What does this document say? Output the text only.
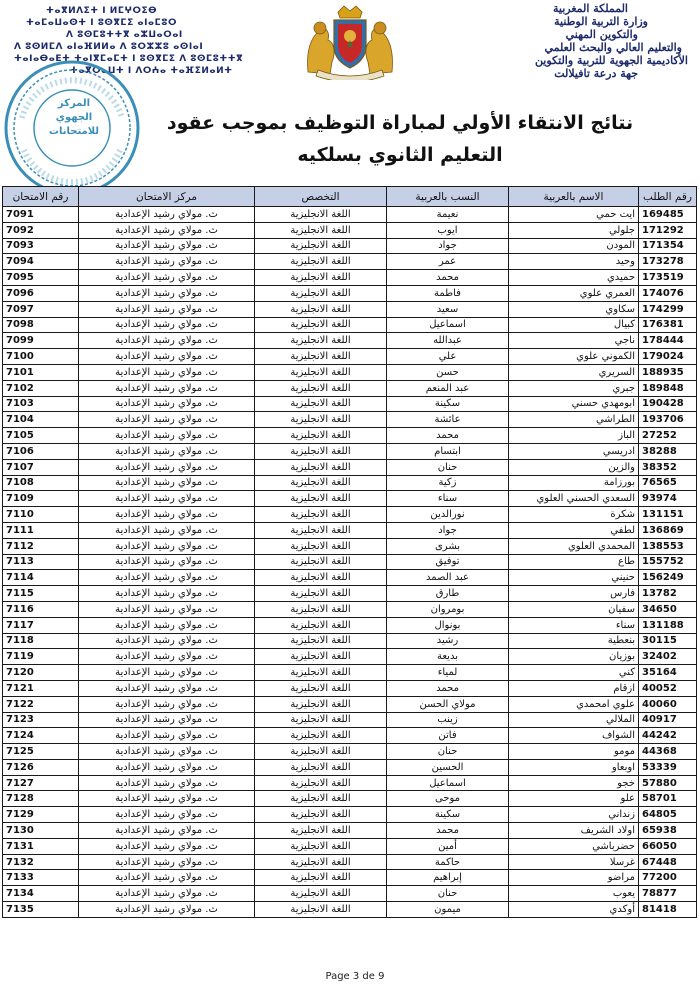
ⵜⴰⴳⵍⴷⵉⵜ ⵏ ⵍⵎⵖⵔⵉⴱ
ⵜⴰⵎⴰⵡⴰⵙⵜ ⵏ ⵓⵙⴳⵎⵉ ⴰⵏⴰⵎⵓⵔ
ⴷ ⵓⵙⵎⵓⵜⵜⴳ ⴰⵣⵡⴰⵔⴰⵏ
ⴷ ⵓⵙⵍⵎⴷ ⴰⵏⴰⴼⵍⵍⴰ ⴷ ⵓⵔⵣⵣⵓ ⴰⵙⵏⴰⵏ
ⵜⴰⵏⴰⴱⴰⴹⵜ ⵜⴰⵏⴳⵎⴰⵎⵜ ⵏ ⵓⵙⴳⵎⵉ ⴷ ⵓⵙⵎⵓⵜⵜⴳ
ⵜⴰⴳⵔⴰⵡⵜ ⵏ ⴷⵔⵄⴰ ⵜⴰⴼⵉⵍⴰⵍⵜ
المملكة المغربية
وزارة التربية الوطنية
والتكوين المهني
والتعليم العالي والبحث العلمي
الأكاديمية الجهوية للتربية والتكوين
جهة درعة تافيلالت
المركز
الجهوي
للامتحانات	نتائج الانتقاء الأولي لمباراة التوظيف بموجب عقود
التعليم الثانوي بسلكيه
رقم الامتحان	مركز الامتحان	التخصص	النسب بالعربية	الاسم بالعربية	رقم الطلب
7091	ث. مولاي رشيد الإعدادية	اللغة الانجليزية	نعيمة	ايت حمي	169485
7092	ث. مولاي رشيد الإعدادية	اللغة الانجليزية	ايوب	جلولي	171292
7093	ث. مولاي رشيد الإعدادية	اللغة الانجليزية	جواد	المودن	171354
7094	ث. مولاي رشيد الإعدادية	اللغة الانجليزية	عمر	وحيد	173278
7095	ث. مولاي رشيد الإعدادية	اللغة الانجليزية	محمد	حميدي	173519
7096	ث. مولاي رشيد الإعدادية	اللغة الانجليزية	فاطمة	العمري علوي	174076
7097	ث. مولاي رشيد الإعدادية	اللغة الانجليزية	سعيد	سكاوي	174299
7098	ث. مولاي رشيد الإعدادية	اللغة الانجليزية	اسماعيل	كبيال	176381
7099	ث. مولاي رشيد الإعدادية	اللغة الانجليزية	عبدالله	ناجي	178444
7100	ث. مولاي رشيد الإعدادية	اللغة الانجليزية	علي	الكموني علوي	179024
7101	ث. مولاي رشيد الإعدادية	اللغة الانجليزية	حسن	السريري	188935
7102	ث. مولاي رشيد الإعدادية	اللغة الانجليزية	عبد المنعم	جبري	189848
7103	ث. مولاي رشيد الإعدادية	اللغة الانجليزية	سكينة	ابومهدي حسني	190428
7104	ث. مولاي رشيد الإعدادية	اللغة الانجليزية	عائشة	الطراشي	193706
7105	ث. مولاي رشيد الإعدادية	اللغة الانجليزية	محمد	الباز	27252
7106	ث. مولاي رشيد الإعدادية	اللغة الانجليزية	ابتسام	ادريسي	38288
7107	ث. مولاي رشيد الإعدادية	اللغة الانجليزية	حنان	والزين	38352
7108	ث. مولاي رشيد الإعدادية	اللغة الانجليزية	زكية	بورزامة	76565
7109	ث. مولاي رشيد الإعدادية	اللغة الانجليزية	سناء	السعدي الحسني العلوي	93974
7110	ث. مولاي رشيد الإعدادية	اللغة الانجليزية	نورالدين	شكرة	131151
7111	ث. مولاي رشيد الإعدادية	اللغة الانجليزية	جواد	لطفي	136869
7112	ث. مولاي رشيد الإعدادية	اللغة الانجليزية	بشرى	المحمدي العلوي	138553
7113	ث. مولاي رشيد الإعدادية	اللغة الانجليزية	توفيق	طاع	155752
7114	ث. مولاي رشيد الإعدادية	اللغة الانجليزية	عبد الصمد	حنيني	156249
7115	ث. مولاي رشيد الإعدادية	اللغة الانجليزية	طارق	فارس	13782
7116	ث. مولاي رشيد الإعدادية	اللغة الانجليزية	بومروان	سفيان	34650
7117	ث. مولاي رشيد الإعدادية	اللغة الانجليزية	بونوال	سناء	131188
7118	ث. مولاي رشيد الإعدادية	اللغة الانجليزية	رشيد	بنعطية	30115
7119	ث. مولاي رشيد الإعدادية	اللغة الانجليزية	بديعة	بوزيان	32402
7120	ث. مولاي رشيد الإعدادية	اللغة الانجليزية	لمياء	كني	35164
7121	ث. مولاي رشيد الإعدادية	اللغة الانجليزية	محمد	ازقام	40052
7122	ث. مولاي رشيد الإعدادية	اللغة الانجليزية	مولاي الحسن	علوي امحمدي	40060
7123	ث. مولاي رشيد الإعدادية	اللغة الانجليزية	زينب	الملالي	40917
7124	ث. مولاي رشيد الإعدادية	اللغة الانجليزية	فاتن	الشواف	44242
7125	ث. مولاي رشيد الإعدادية	اللغة الانجليزية	حنان	مومو	44368
7126	ث. مولاي رشيد الإعدادية	اللغة الانجليزية	الحسين	اوبعاو	53339
7127	ث. مولاي رشيد الإعدادية	اللغة الانجليزية	اسماعيل	خجو	57880
7128	ث. مولاي رشيد الإعدادية	اللغة الانجليزية	موحى	علو	58701
7129	ث. مولاي رشيد الإعدادية	اللغة الانجليزية	سكينة	زنداني	64805
7130	ث. مولاي رشيد الإعدادية	اللغة الانجليزية	محمد	اولاد الشريف	65938
7131	ث. مولاي رشيد الإعدادية	اللغة الانجليزية	أمين	حضرباشي	66050
7132	ث. مولاي رشيد الإعدادية	اللغة الانجليزية	حاكمة	غرسلا	67448
7133	ث. مولاي رشيد الإعدادية	اللغة الانجليزية	إبراهيم	مراضو	77200
7134	ث. مولاي رشيد الإعدادية	اللغة الانجليزية	حنان	يعوب	78877
7135	ث. مولاي رشيد الإعدادية	اللغة الانجليزية	ميمون	أوكدي	81418
Page 3 de 9
